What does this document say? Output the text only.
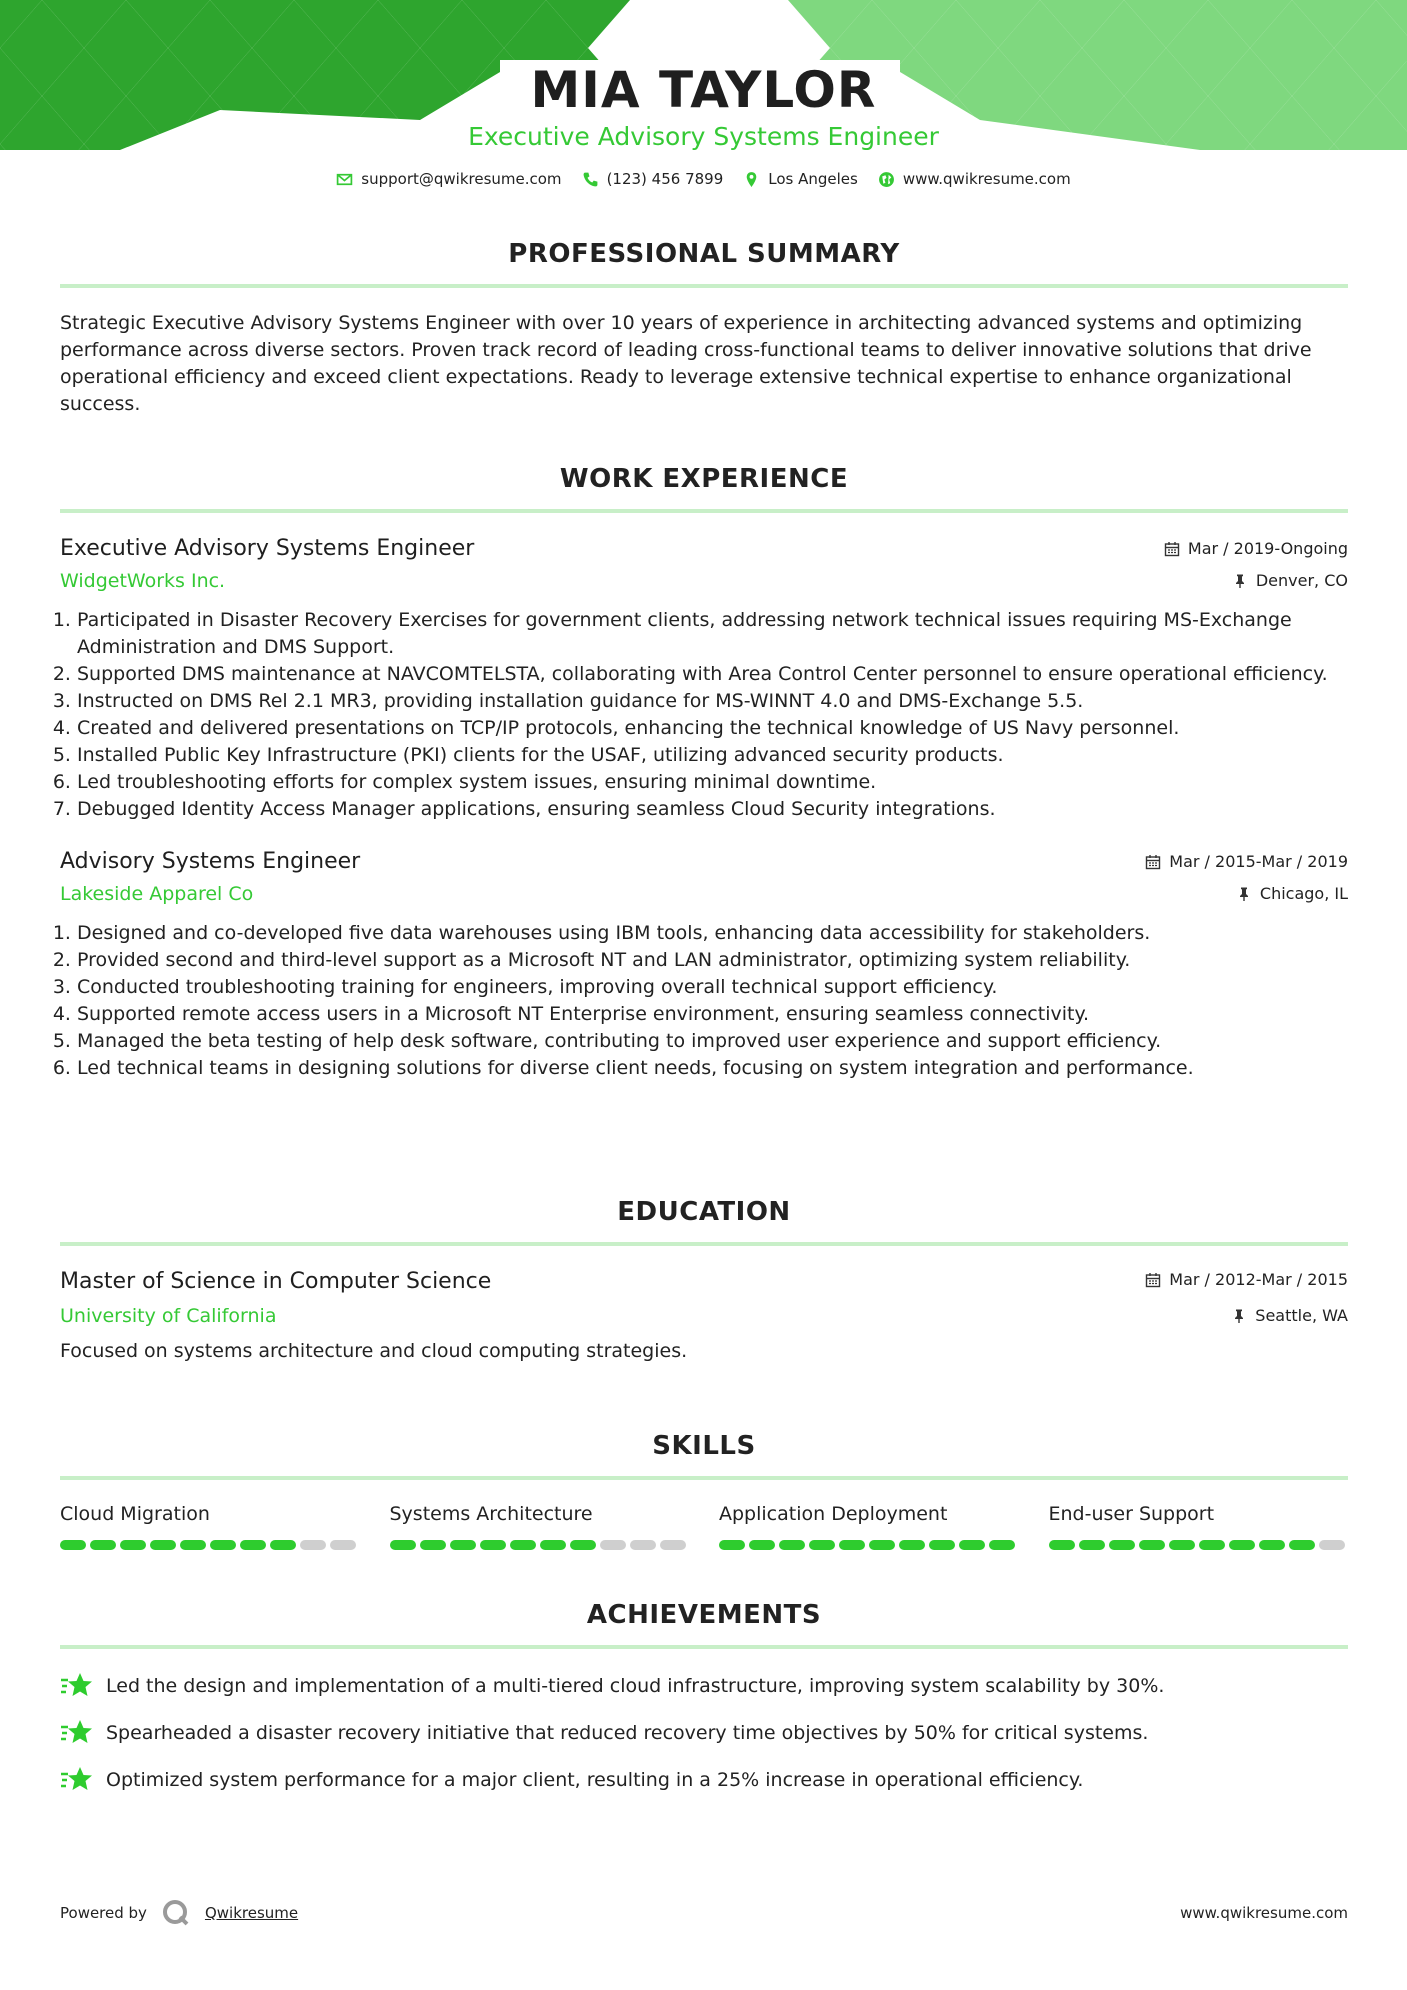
MIA TAYLOR
Executive Advisory Systems Engineer
support@qwikresume.com	(123) 456 7899	Los Angeles	www.qwikresume.com
PROFESSIONAL SUMMARY
Strategic Executive Advisory Systems Engineer with over 10 years of experience in architecting advanced systems and optimizing performance across diverse sectors. Proven track record of leading cross-functional teams to deliver innovative solutions that drive operational efficiency and exceed client expectations. Ready to leverage extensive technical expertise to enhance organizational success.
WORK EXPERIENCE
Mar / 2019-Ongoing
Denver, CO
Executive Advisory Systems Engineer
WidgetWorks Inc.
1. Participated in Disaster Recovery Exercises for government clients, addressing network technical issues requiring MS-Exchange Administration and DMS Support.
2. Supported DMS maintenance at NAVCOMTELSTA, collaborating with Area Control Center personnel to ensure operational efficiency.
3. Instructed on DMS Rel 2.1 MR3, providing installation guidance for MS-WINNT 4.0 and DMS-Exchange 5.5.
4. Created and delivered presentations on TCP/IP protocols, enhancing the technical knowledge of US Navy personnel.
5. Installed Public Key Infrastructure (PKI) clients for the USAF, utilizing advanced security products.
6. Led troubleshooting efforts for complex system issues, ensuring minimal downtime.
7. Debugged Identity Access Manager applications, ensuring seamless Cloud Security integrations.
Mar / 2015-Mar / 2019
Chicago, IL
Advisory Systems Engineer
Lakeside Apparel Co
1. Designed and co-developed five data warehouses using IBM tools, enhancing data accessibility for stakeholders.
2. Provided second and third-level support as a Microsoft NT and LAN administrator, optimizing system reliability.
3. Conducted troubleshooting training for engineers, improving overall technical support efficiency.
4. Supported remote access users in a Microsoft NT Enterprise environment, ensuring seamless connectivity.
5. Managed the beta testing of help desk software, contributing to improved user experience and support efficiency.
6. Led technical teams in designing solutions for diverse client needs, focusing on system integration and performance.
EDUCATION
Mar / 2012-Mar / 2015
Seattle, WA
Master of Science in Computer Science
University of California
Focused on systems architecture and cloud computing strategies.
SKILLS
Cloud Migration	Systems Architecture	Application Deployment	End-user Support
ACHIEVEMENTS
Led the design and implementation of a multi-tiered cloud infrastructure, improving system scalability by 30%.
Spearheaded a disaster recovery initiative that reduced recovery time objectives by 50% for critical systems.
Optimized system performance for a major client, resulting in a 25% increase in operational efficiency.
Powered by	Qwikresume	www.qwikresume.com
